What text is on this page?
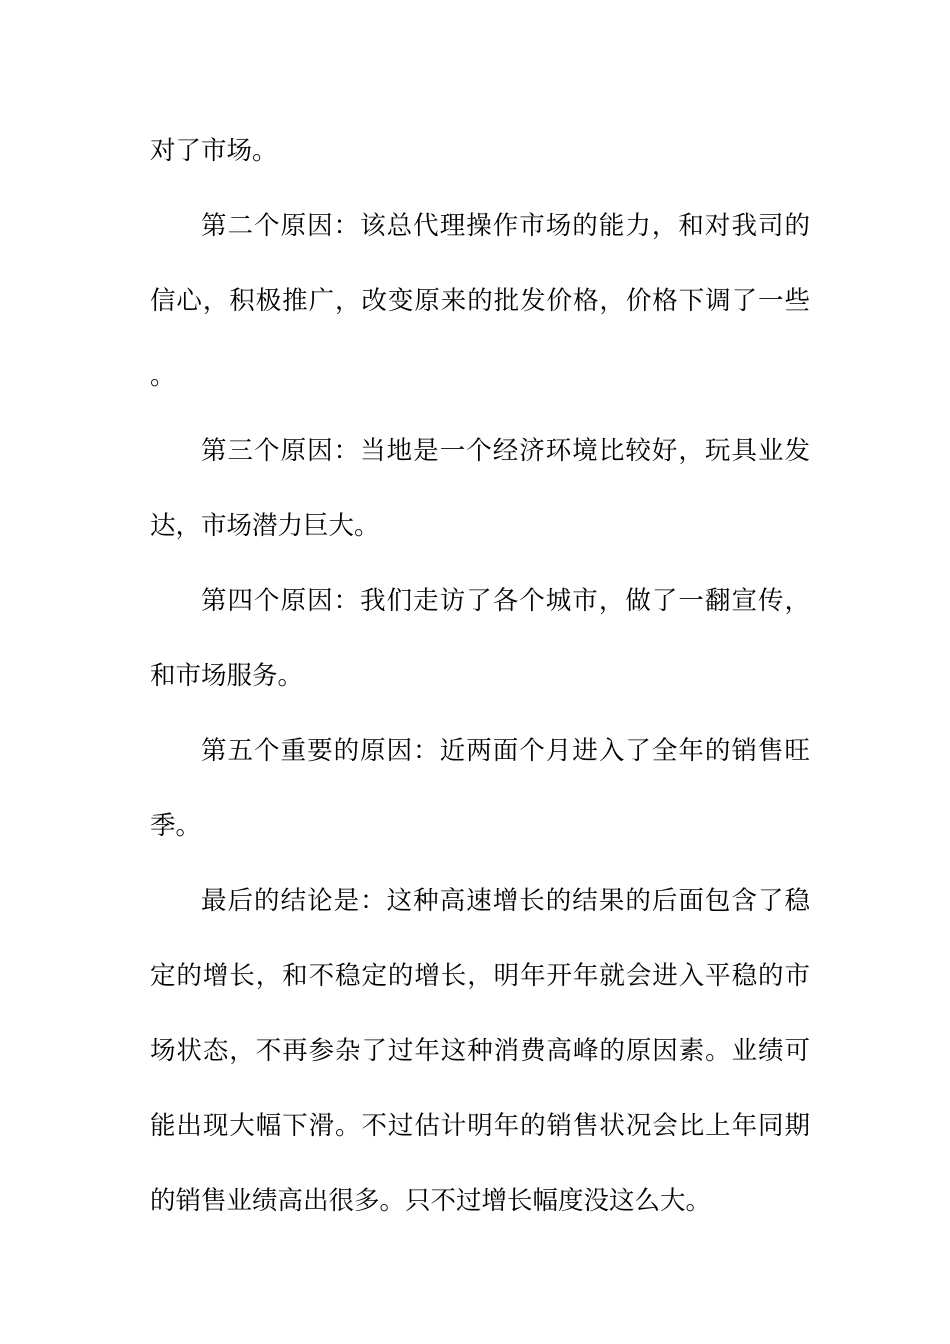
对了市场。

第二个原因：该总代理操作市场的能力，和对我司的信心，积极推广，改变原来的批发价格，价格下调了一些。

第三个原因：当地是一个经济环境比较好，玩具业发达，市场潜力巨大。

第四个原因：我们走访了各个城市，做了一翻宣传，和市场服务。

第五个重要的原因：近两面个月进入了全年的销售旺季。

最后的结论是：这种高速增长的结果的后面包含了稳定的增长，和不稳定的增长，明年开年就会进入平稳的市场状态，不再参杂了过年这种消费高峰的原因素。业绩可能出现大幅下滑。不过估计明年的销售状况会比上年同期的销售业绩高出很多。只不过增长幅度没这么大。
